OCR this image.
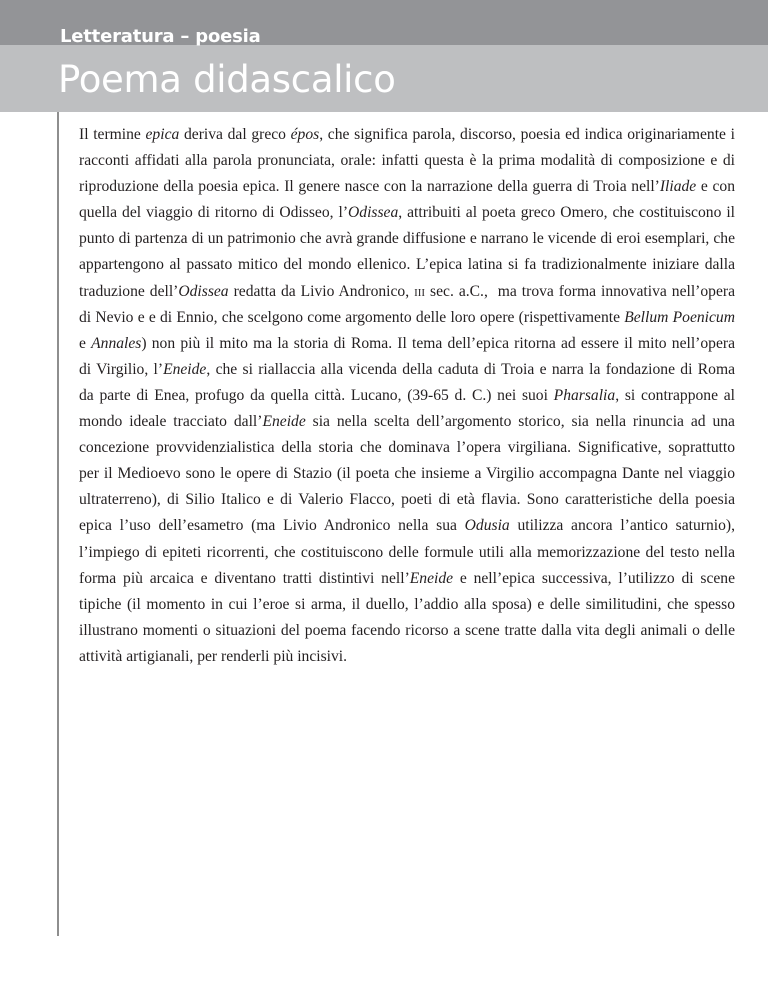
Letteratura – poesia
Poema didascalico
Il termine epica deriva dal greco épos, che significa parola, discorso, poesia ed indica originariamente i
racconti affidati alla parola pronunciata, orale: infatti questa è la prima modalità di composizione e di
riproduzione della poesia epica. Il genere nasce con la narrazione della guerra di Troia nell’Iliade e con
quella del viaggio di ritorno di Odisseo, l’Odissea, attribuiti al poeta greco Omero, che costituiscono il
punto di partenza di un patrimonio che avrà grande diffusione e narrano le vicende di eroi esemplari, che
appartengono al passato mitico del mondo ellenico. L’epica latina si fa tradizionalmente iniziare dalla
traduzione dell’Odissea redatta da Livio Andronico, iii sec. a.C.,  ma trova forma innovativa nell’opera
di Nevio e e di Ennio, che scelgono come argomento delle loro opere (rispettivamente Bellum Poenicum
e Annales) non più il mito ma la storia di Roma. Il tema dell’epica ritorna ad essere il mito nell’opera
di Virgilio, l’Eneide, che si riallaccia alla vicenda della caduta di Troia e narra la fondazione di Roma
da parte di Enea, profugo da quella città. Lucano, (39-65 d. C.) nei suoi Pharsalia, si contrappone al
mondo ideale tracciato dall’Eneide sia nella scelta dell’argomento storico, sia nella rinuncia ad una
concezione provvidenzialistica della storia che dominava l’opera virgiliana. Significative, soprattutto
per il Medioevo sono le opere di Stazio (il poeta che insieme a Virgilio accompagna Dante nel viaggio
ultraterreno), di Silio Italico e di Valerio Flacco, poeti di età flavia. Sono caratteristiche della poesia
epica l’uso dell’esametro (ma Livio Andronico nella sua Odusia utilizza ancora l’antico saturnio),
l’impiego di epiteti ricorrenti, che costituiscono delle formule utili alla memorizzazione del testo nella
forma più arcaica e diventano tratti distintivi nell’Eneide e nell’epica successiva, l’utilizzo di scene
tipiche (il momento in cui l’eroe si arma, il duello, l’addio alla sposa) e delle similitudini, che spesso
illustrano momenti o situazioni del poema facendo ricorso a scene tratte dalla vita degli animali o delle
attività artigianali, per renderli più incisivi.
